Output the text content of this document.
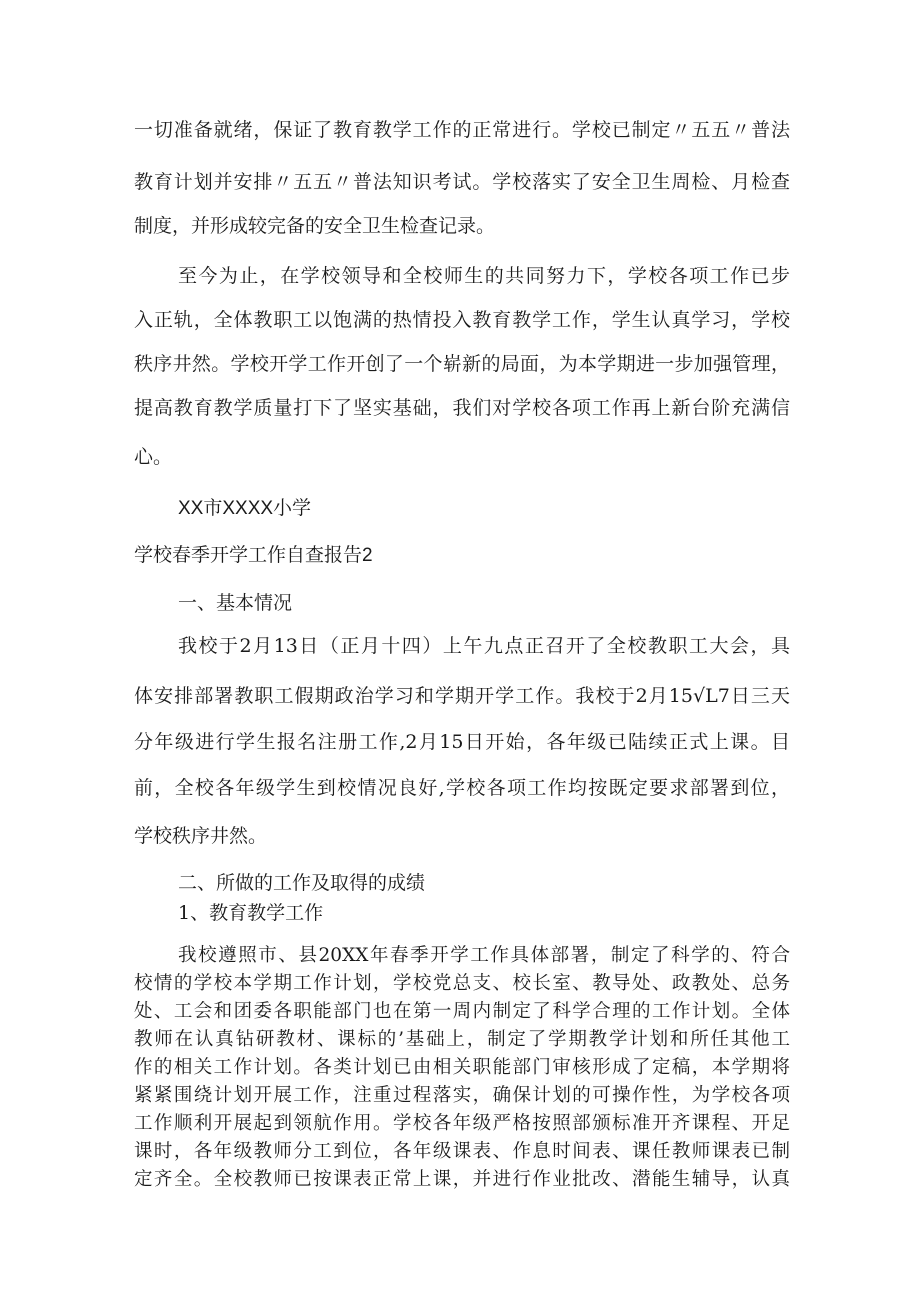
一切准备就绪，保证了教育教学工作的正常进行。学校已制定〃五五〃普法

教育计划并安排〃五五〃普法知识考试。学校落实了安全卫生周检、月检查

制度，并形成较完备的安全卫生检查记录。

至今为止，在学校领导和全校师生的共同努力下，学校各项工作已步

入正轨，全体教职工以饱满的热情投入教育教学工作，学生认真学习，学校

秩序井然。学校开学工作开创了一个崭新的局面，为本学期进一步加强管理，

提高教育教学质量打下了坚实基础，我们对学校各项工作再上新台阶充满信

心。

XX市XXXX小学

学校春季开学工作自查报告2

一、基本情况

我校于2月13日（正月十四）上午九点正召开了全校教职工大会，具

体安排部署教职工假期政治学习和学期开学工作。我校于2月15√L7日三天

分年级进行学生报名注册工作,2月15日开始，各年级已陆续正式上课。目

前，全校各年级学生到校情况良好,学校各项工作均按既定要求部署到位，

学校秩序井然。

二、所做的工作及取得的成绩

1、教育教学工作

我校遵照市、县20XX年春季开学工作具体部署，制定了科学的、符合

校情的学校本学期工作计划，学校党总支、校长室、教导处、政教处、总务

处、工会和团委各职能部门也在第一周内制定了科学合理的工作计划。全体

教师在认真钻研教材、课标的’基础上，制定了学期教学计划和所任其他工

作的相关工作计划。各类计划已由相关职能部门审核形成了定稿，本学期将

紧紧围绕计划开展工作，注重过程落实，确保计划的可操作性，为学校各项

工作顺利开展起到领航作用。学校各年级严格按照部颁标准开齐课程、开足

课时，各年级教师分工到位，各年级课表、作息时间表、课任教师课表已制

定齐全。全校教师已按课表正常上课，并进行作业批改、潜能生辅导，认真
